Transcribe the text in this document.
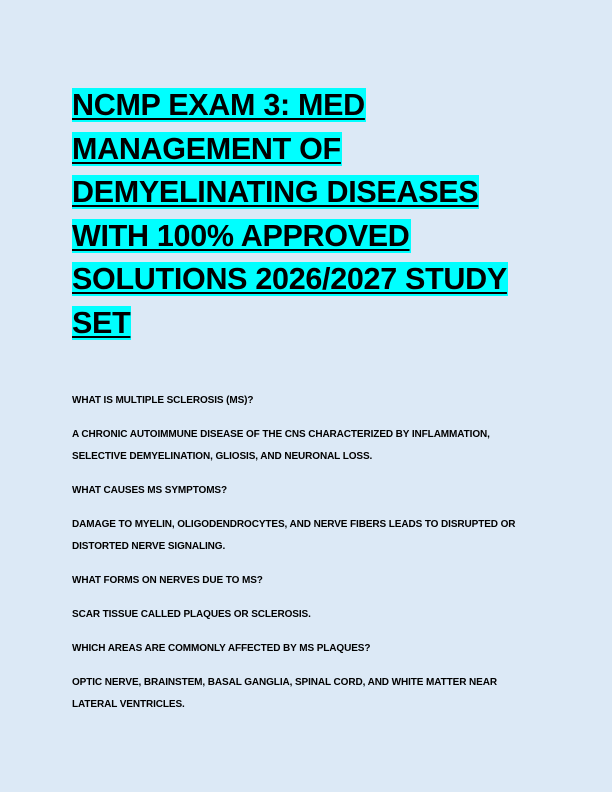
NCMP EXAM 3: MED
MANAGEMENT OF
DEMYELINATING DISEASES
WITH 100% APPROVED
SOLUTIONS 2026/2027 STUDY
SET
WHAT IS MULTIPLE SCLEROSIS (MS)?
A CHRONIC AUTOIMMUNE DISEASE OF THE CNS CHARACTERIZED BY INFLAMMATION, SELECTIVE DEMYELINATION, GLIOSIS, AND NEURONAL LOSS.
WHAT CAUSES MS SYMPTOMS?
DAMAGE TO MYELIN, OLIGODENDROCYTES, AND NERVE FIBERS LEADS TO DISRUPTED OR DISTORTED NERVE SIGNALING.
WHAT FORMS ON NERVES DUE TO MS?
SCAR TISSUE CALLED PLAQUES OR SCLEROSIS.
WHICH AREAS ARE COMMONLY AFFECTED BY MS PLAQUES?
OPTIC NERVE, BRAINSTEM, BASAL GANGLIA, SPINAL CORD, AND WHITE MATTER NEAR LATERAL VENTRICLES.
